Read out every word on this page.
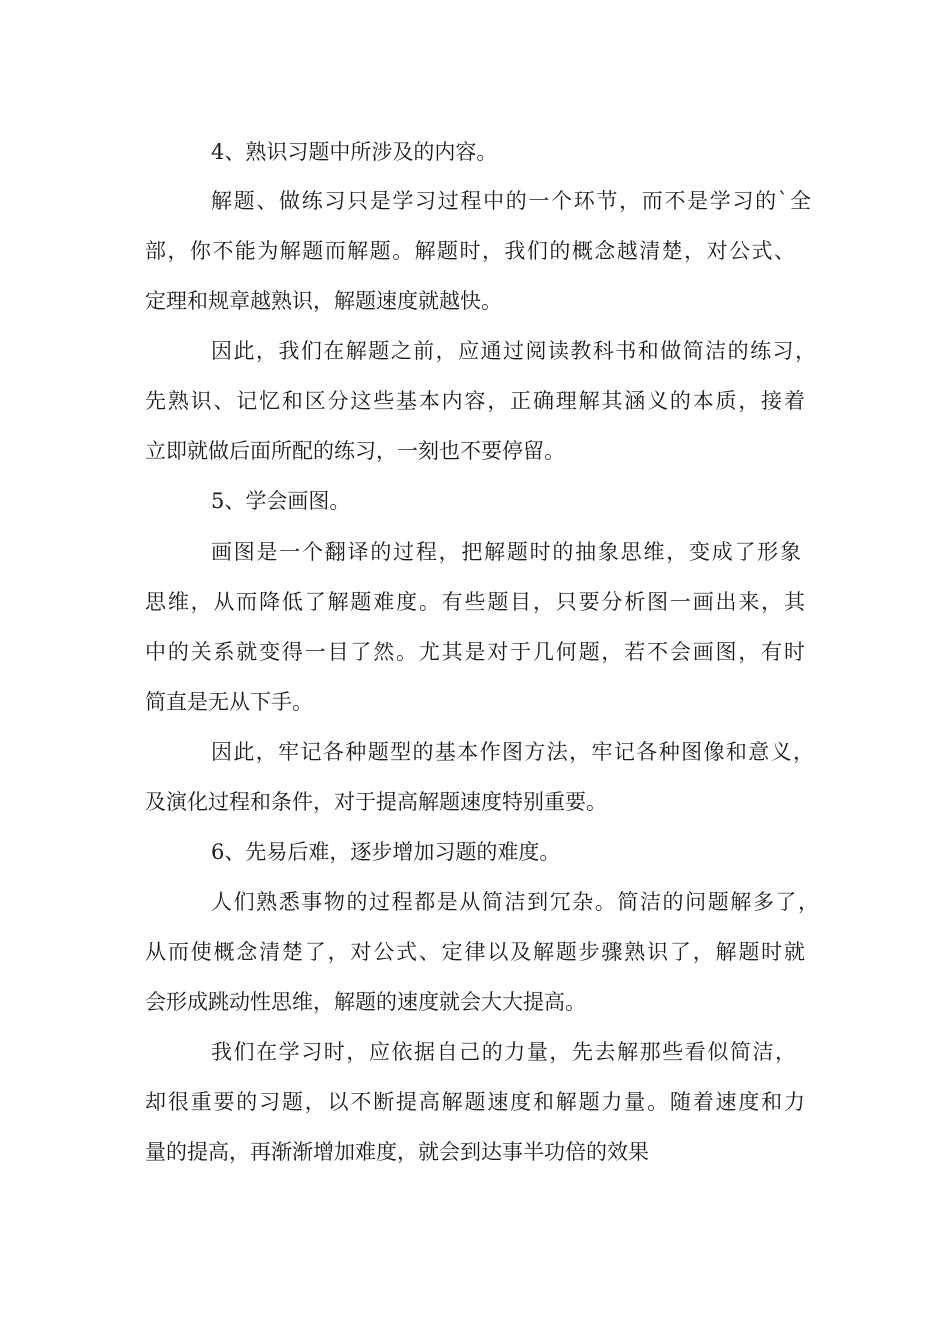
4、熟识习题中所涉及的内容。
解题、做练习只是学习过程中的一个环节，而不是学习的`全
部，你不能为解题而解题。解题时，我们的概念越清楚，对公式、
定理和规章越熟识，解题速度就越快。
因此，我们在解题之前，应通过阅读教科书和做简洁的练习，
先熟识、记忆和区分这些基本内容，正确理解其涵义的本质，接着
立即就做后面所配的练习，一刻也不要停留。
5、学会画图。
画图是一个翻译的过程，把解题时的抽象思维，变成了形象
思维，从而降低了解题难度。有些题目，只要分析图一画出来，其
中的关系就变得一目了然。尤其是对于几何题，若不会画图，有时
简直是无从下手。
因此，牢记各种题型的基本作图方法，牢记各种图像和意义，
及演化过程和条件，对于提高解题速度特别重要。
6、先易后难，逐步增加习题的难度。
人们熟悉事物的过程都是从简洁到冗杂。简洁的问题解多了，
从而使概念清楚了，对公式、定律以及解题步骤熟识了，解题时就
会形成跳动性思维，解题的速度就会大大提高。
我们在学习时，应依据自己的力量，先去解那些看似简洁，
却很重要的习题，以不断提高解题速度和解题力量。随着速度和力
量的提高，再渐渐增加难度，就会到达事半功倍的效果
